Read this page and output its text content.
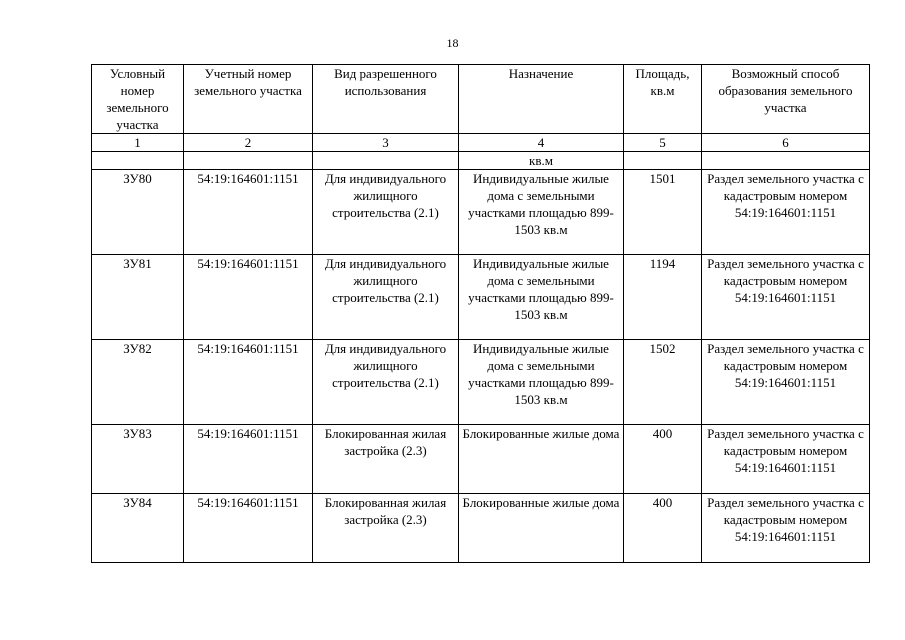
18
Условный номер земельного участка	Учетный номер земельного участка	Вид разрешенного использования	Назначение	Площадь, кв.м	Возможный способ образования земельного участка
1	2	3	4	5	6
			кв.м		
ЗУ80	54:19:164601:1151	Для индивидуального жилищного строительства (2.1)	Индивидуальные жилые дома с земельными участками площадью 899-1503 кв.м	1501	Раздел земельного участка с кадастровым номером 54:19:164601:1151
ЗУ81	54:19:164601:1151	Для индивидуального жилищного строительства (2.1)	Индивидуальные жилые дома с земельными участками площадью 899-1503 кв.м	1194	Раздел земельного участка с кадастровым номером 54:19:164601:1151
ЗУ82	54:19:164601:1151	Для индивидуального жилищного строительства (2.1)	Индивидуальные жилые дома с земельными участками площадью 899-1503 кв.м	1502	Раздел земельного участка с кадастровым номером 54:19:164601:1151
ЗУ83	54:19:164601:1151	Блокированная жилая застройка (2.3)	Блокированные жилые дома	400	Раздел земельного участка с кадастровым номером 54:19:164601:1151
ЗУ84	54:19:164601:1151	Блокированная жилая застройка (2.3)	Блокированные жилые дома	400	Раздел земельного участка с кадастровым номером 54:19:164601:1151
